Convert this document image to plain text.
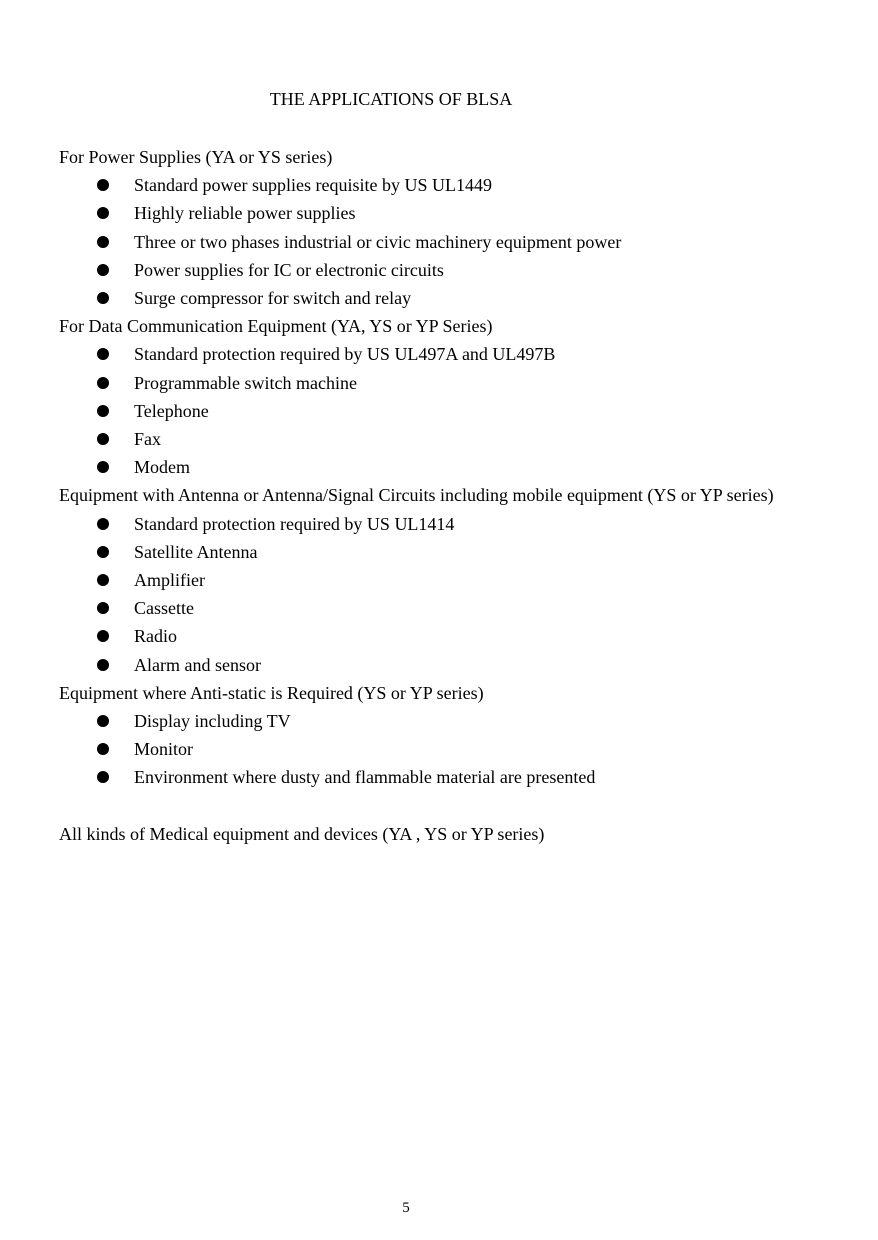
THE APPLICATIONS OF BLSA

For Power Supplies (YA or YS series)

Standard power supplies requisite by US UL1449
Highly reliable power supplies
Three or two phases industrial or civic machinery equipment power
Power supplies for IC or electronic circuits
Surge compressor for switch and relay

For Data Communication Equipment (YA, YS or YP Series)

Standard protection required by US UL497A and UL497B
Programmable switch machine
Telephone
Fax
Modem

Equipment with Antenna or Antenna/Signal Circuits including mobile equipment (YS or YP series)

Standard protection required by US UL1414
Satellite Antenna
Amplifier
Cassette
Radio
Alarm and sensor

Equipment where Anti-static is Required (YS or YP series)

Display including TV
Monitor
Environment where dusty and flammable material are presented

All kinds of Medical equipment and devices (YA , YS or YP series)

5
